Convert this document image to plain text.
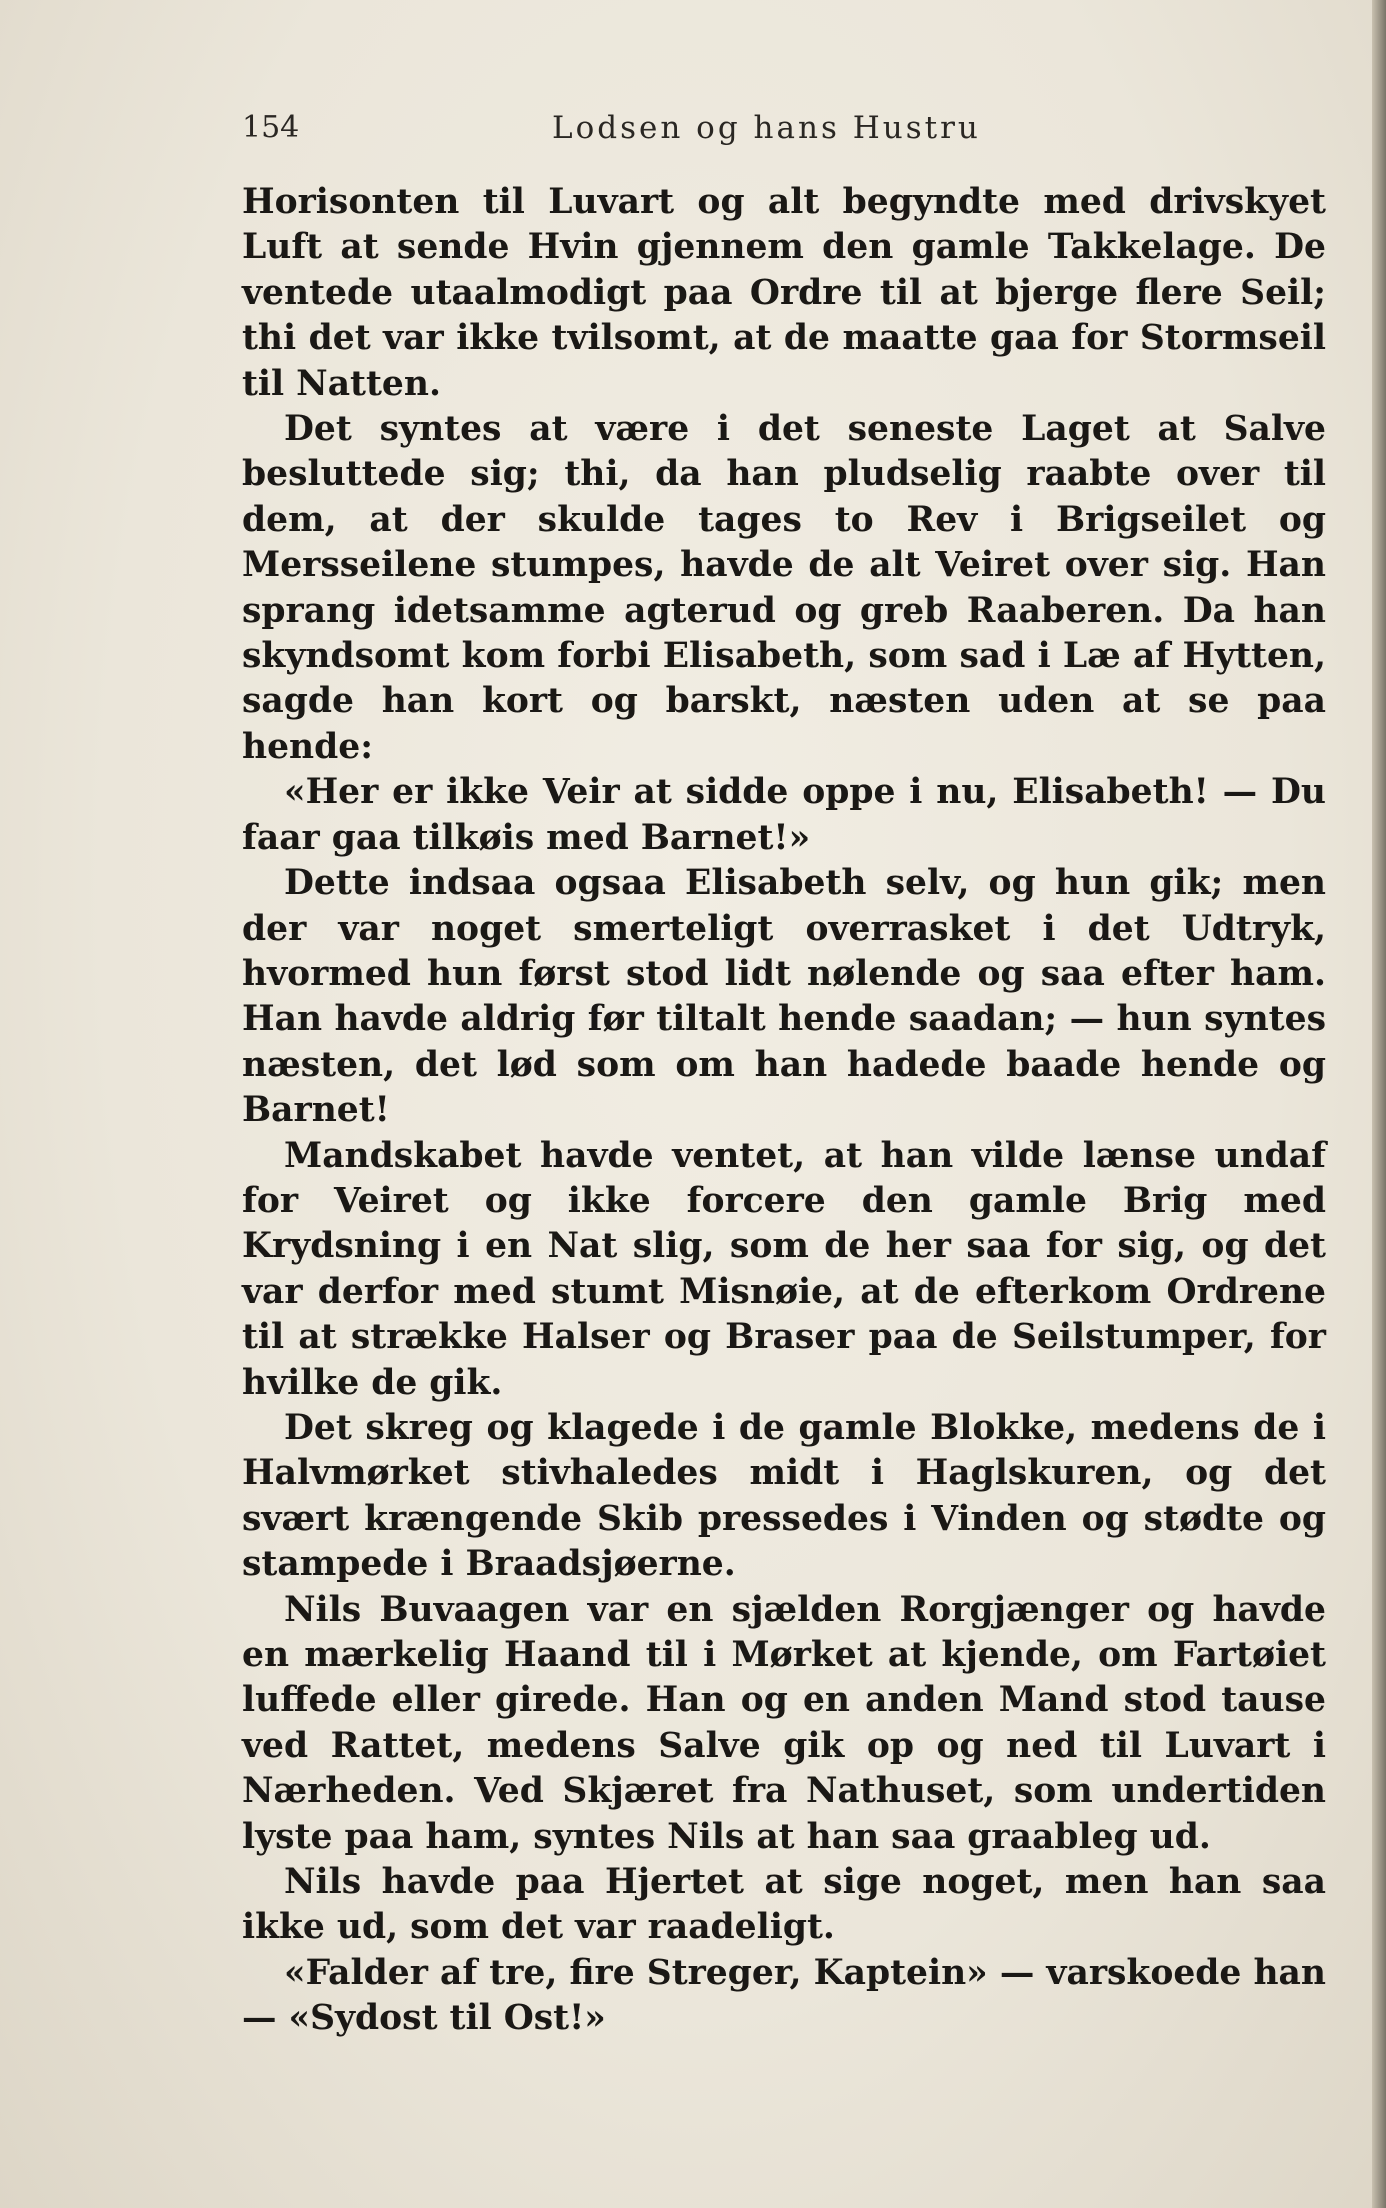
154	Lodsen og hans Hustru

Horisonten til Luvart og alt begyndte med drivskyet Luft at sende Hvin gjennem den gamle Takkelage. De ventede utaalmodigt paa Ordre til at bjerge flere Seil; thi det var ikke tvilsomt, at de maatte gaa for Stormseil til Natten.

Det syntes at være i det seneste Laget at Salve besluttede sig; thi, da han pludselig raabte over til dem, at der skulde tages to Rev i Brigseilet og Mersseilene stumpes, havde de alt Veiret over sig. Han sprang idetsamme agterud og greb Raaberen. Da han skyndsomt kom forbi Elisabeth, som sad i Læ af Hytten, sagde han kort og barskt, næsten uden at se paa hende:

«Her er ikke Veir at sidde oppe i nu, Elisabeth! — Du faar gaa tilkøis med Barnet!»

Dette indsaa ogsaa Elisabeth selv, og hun gik; men der var noget smerteligt overrasket i det Udtryk, hvormed hun først stod lidt nølende og saa efter ham. Han havde aldrig før tiltalt hende saadan; — hun syntes næsten, det lød som om han hadede baade hende og Barnet!

Mandskabet havde ventet, at han vilde lænse undaf for Veiret og ikke forcere den gamle Brig med Krydsning i en Nat slig, som de her saa for sig, og det var derfor med stumt Misnøie, at de efterkom Ordrene til at strække Halser og Braser paa de Seilstumper, for hvilke de gik.

Det skreg og klagede i de gamle Blokke, medens de i Halvmørket stivhaledes midt i Haglskuren, og det svært krængende Skib pressedes i Vinden og stødte og stampede i Braadsjøerne.

Nils Buvaagen var en sjælden Rorgjænger og havde en mærkelig Haand til i Mørket at kjende, om Fartøiet luffede eller girede. Han og en anden Mand stod tause ved Rattet, medens Salve gik op og ned til Luvart i Nærheden. Ved Skjæret fra Nathuset, som undertiden lyste paa ham, syntes Nils at han saa graableg ud.

Nils havde paa Hjertet at sige noget, men han saa ikke ud, som det var raadeligt.

«Falder af tre, fire Streger, Kaptein» — varskoede han — «Sydost til Ost!»
